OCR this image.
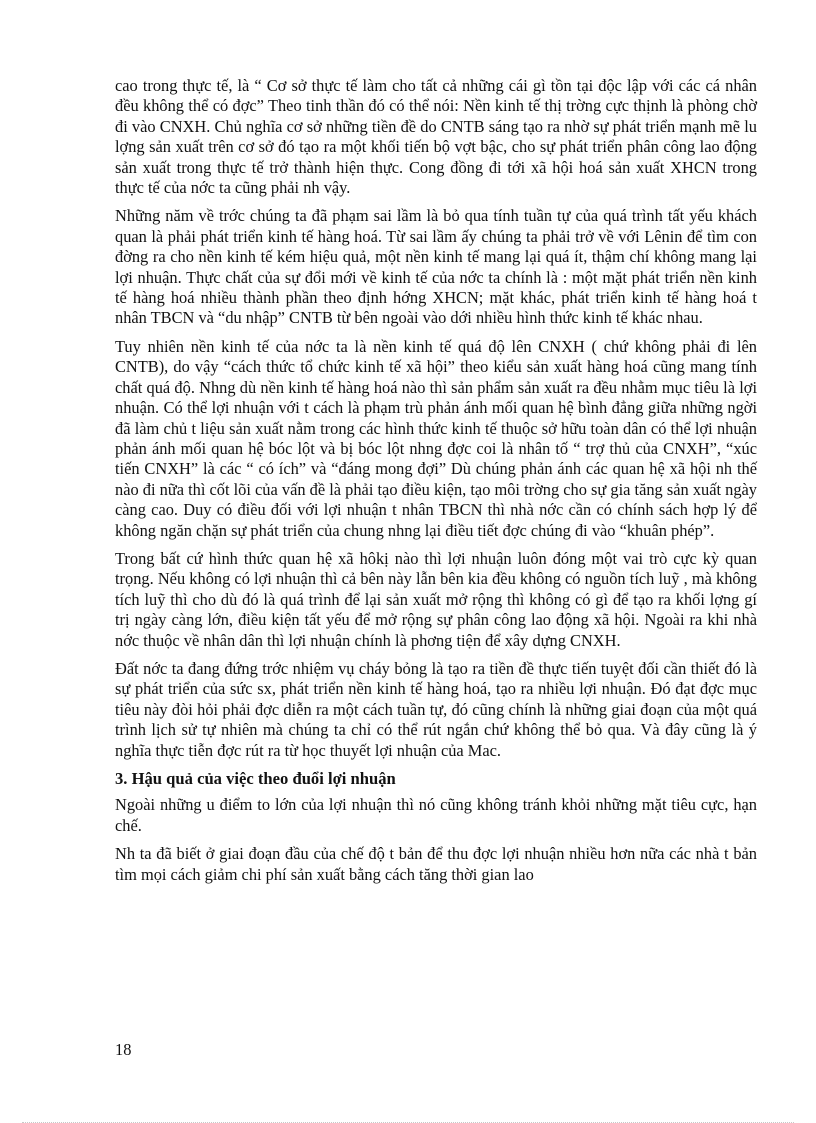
cao trong thực tế, là “ Cơ sở thực tế làm cho tất cả những cái gì tồn tại độc lập với các cá nhân đều không thể có đợc” Theo tinh thần đó có thể nói: Nền kinh tế thị trờng cực thịnh là phòng chờ đi vào CNXH. Chủ nghĩa cơ sở những tiền đề do CNTB sáng tạo ra nhờ sự phát triển mạnh mẽ lu lợng sản xuất trên cơ sở đó tạo ra một khối tiến bộ vợt bậc, cho sự phát triển phân công lao động sản xuất trong thực tế trở thành hiện thực. Cong đồng đi tới xã hội hoá sản xuất XHCN trong thực tế của nớc ta cũng phải nh vậy.

Những năm về trớc chúng ta đã phạm sai lầm là bỏ qua tính tuần tự của quá trình tất yếu khách quan là phải phát triển kinh tế hàng hoá. Từ sai lầm ấy chúng ta phải trở về với Lênin để tìm con đờng ra cho nền kinh tế kém hiệu quả, một nền kinh tế mang lại quá ít, thậm chí không mang lại lợi nhuận. Thực chất của sự đổi mới về kinh tế của nớc ta chính là : một mặt phát triển nền kinh tế hàng hoá nhiều thành phần theo định hớng XHCN; mặt khác, phát triển kinh tế hàng hoá t nhân TBCN và “du nhập” CNTB từ bên ngoài vào dới nhiều hình thức kinh tế khác nhau.

Tuy nhiên nền kinh tế của nớc ta là nền kinh tế quá độ lên CNXH ( chứ không phải đi lên CNTB), do vậy “cách thức tổ chức kinh tế xã hội” theo kiểu sản xuất hàng hoá cũng mang tính chất quá độ. Nhng dù nền kinh tế hàng hoá nào thì sản phẩm sản xuất ra đều nhằm mục tiêu là lợi nhuận. Có thể lợi nhuận với t cách là phạm trù phản ánh mối quan hệ bình đẳng giữa những ngời đã làm chủ t liệu sản xuất nằm trong các hình thức kinh tế thuộc sở hữu toàn dân có thể lợi nhuận phản ánh mối quan hệ bóc lột và bị bóc lột nhng đợc coi là nhân tố “ trợ thủ của CNXH”, “xúc tiến CNXH” là các “ có ích” và “đáng mong đợi” Dù chúng phản ánh các quan hệ xã hội nh thế nào đi nữa thì cốt lõi của vấn đề là phải tạo điều kiện, tạo môi trờng cho sự gia tăng sản xuất ngày càng cao. Duy có điều đối với lợi nhuận t nhân TBCN thì nhà nớc cần có chính sách hợp lý để không ngăn chặn sự phát triển của chung nhng lại điều tiết đợc chúng đi vào “khuân phép”.

Trong bất cứ hình thức quan hệ xã hôkị nào thì lợi nhuận luôn đóng một vai trò cực kỳ quan trọng. Nếu không có lợi nhuận thì cả bên này lẫn bên kia đều không có nguồn tích luỹ , mà không tích luỹ thì cho dù đó là quá trình để lại sản xuất mở rộng thì không có gì để tạo ra khối lợng gí trị ngày càng lớn, điều kiện tất yếu để mở rộng sự phân công lao động xã hội. Ngoài ra khi nhà nớc thuộc về nhân dân thì lợi nhuận chính là phơng tiện để xây dựng CNXH.

Đất nớc ta đang đứng trớc nhiệm vụ cháy bỏng là tạo ra tiền đề thực tiến tuyệt đối cần thiết đó là sự phát triển của sức sx, phát triển nền kinh tế hàng hoá, tạo ra nhiều lợi nhuận. Đó đạt đợc mục tiêu này đòi hỏi phải đợc diễn ra một cách tuần tự, đó cũng chính là những giai đoạn của một quá trình lịch sử tự nhiên mà chúng ta chỉ có thể rút ngắn chứ không thể bỏ qua. Và đây cũng là ý nghĩa thực tiễn đợc rút ra từ học thuyết lợi nhuận của Mac.

3. Hậu quả của việc theo đuổi lợi nhuận

Ngoài những u điểm to lớn của lợi nhuận thì nó cũng không tránh khỏi những mặt tiêu cực, hạn chế.

Nh ta đã biết ở giai đoạn đầu của chế độ t bản để thu đợc lợi nhuận nhiều hơn nữa các nhà t bản tìm mọi cách giảm chi phí sản xuất bằng cách tăng thời gian lao

18
